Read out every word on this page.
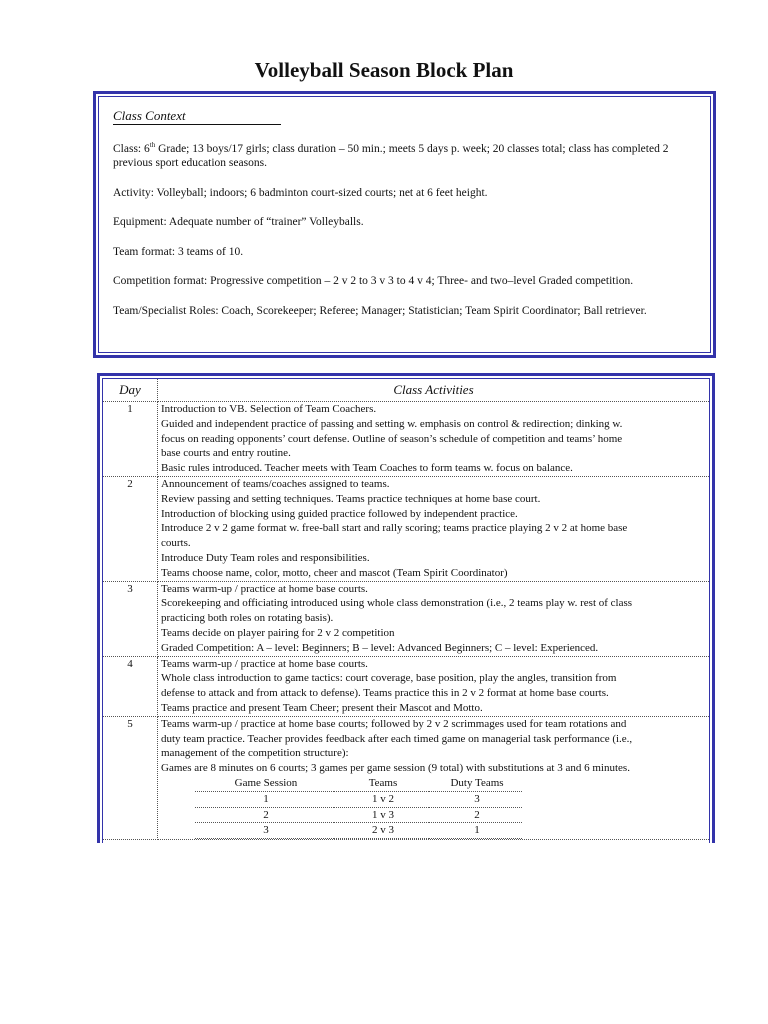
Volleyball Season Block Plan
Class Context

Class: 6th Grade; 13 boys/17 girls; class duration – 50 min.; meets 5 days p. week; 20 classes total; class has completed 2 previous sport education seasons.

Activity: Volleyball; indoors; 6 badminton court-sized courts; net at 6 feet height.

Equipment: Adequate number of “trainer” Volleyballs.

Team format: 3 teams of 10.

Competition format: Progressive competition – 2 v 2 to 3 v 3 to 4 v 4; Three- and two–level Graded competition.

Team/Specialist Roles: Coach, Scorekeeper; Referee; Manager; Statistician; Team Spirit Coordinator; Ball retriever.

Day	Class Activities
1	Introduction to VB. Selection of Team Coachers.
Guided and independent practice of passing and setting w. emphasis on control & redirection; dinking w.
focus on reading opponents’ court defense. Outline of season’s schedule of competition and teams’ home
base courts and entry routine.
Basic rules introduced. Teacher meets with Team Coaches to form teams w. focus on balance.

2	Announcement of teams/coaches assigned to teams.
Review passing and setting techniques. Teams practice techniques at home base court.
Introduction of blocking using guided practice followed by independent practice.
Introduce 2 v 2 game format w. free-ball start and rally scoring; teams practice playing 2 v 2 at home base
courts.
Introduce Duty Team roles and responsibilities.
Teams choose name, color, motto, cheer and mascot (Team Spirit Coordinator)

3	Teams warm-up / practice at home base courts.
Scorekeeping and officiating introduced using whole class demonstration (i.e., 2 teams play w. rest of class
practicing both roles on rotating basis).
Teams decide on player pairing for 2 v 2 competition
Graded Competition: A – level: Beginners; B – level: Advanced Beginners; C – level: Experienced.

4	Teams warm-up / practice at home base courts.
Whole class introduction to game tactics: court coverage, base position, play the angles, transition from
defense to attack and from attack to defense). Teams practice this in 2 v 2 format at home base courts.
Teams practice and present Team Cheer; present their Mascot and Motto.

5	Teams warm-up / practice at home base courts; followed by 2 v 2 scrimmages used for team rotations and
duty team practice. Teacher provides feedback after each timed game on managerial task performance (i.e.,
management of the competition structure):
Games are 8 minutes on 6 courts; 3 games per game session (9 total) with substitutions at 3 and 6 minutes.
Game Session	Teams	Duty Teams
1	1 v 2	3
2	1 v 3	2
3	2 v 3	1
